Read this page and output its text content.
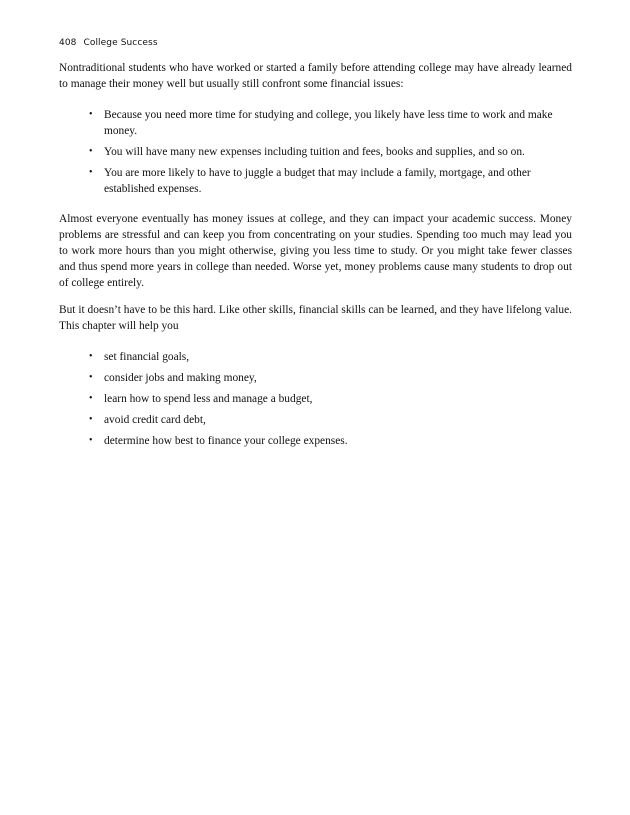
408 College Success

Nontraditional students who have worked or started a family before attending college may have already learned to manage their money well but usually still confront some financial issues:

• Because you need more time for studying and college, you likely have less time to work and make money.
• You will have many new expenses including tuition and fees, books and supplies, and so on.
• You are more likely to have to juggle a budget that may include a family, mortgage, and other established expenses.

Almost everyone eventually has money issues at college, and they can impact your academic success. Money problems are stressful and can keep you from concentrating on your studies. Spending too much may lead you to work more hours than you might otherwise, giving you less time to study. Or you might take fewer classes and thus spend more years in college than needed. Worse yet, money problems cause many students to drop out of college entirely.

But it doesn’t have to be this hard. Like other skills, financial skills can be learned, and they have lifelong value. This chapter will help you

• set financial goals,
• consider jobs and making money,
• learn how to spend less and manage a budget,
• avoid credit card debt,
• determine how best to finance your college expenses.
